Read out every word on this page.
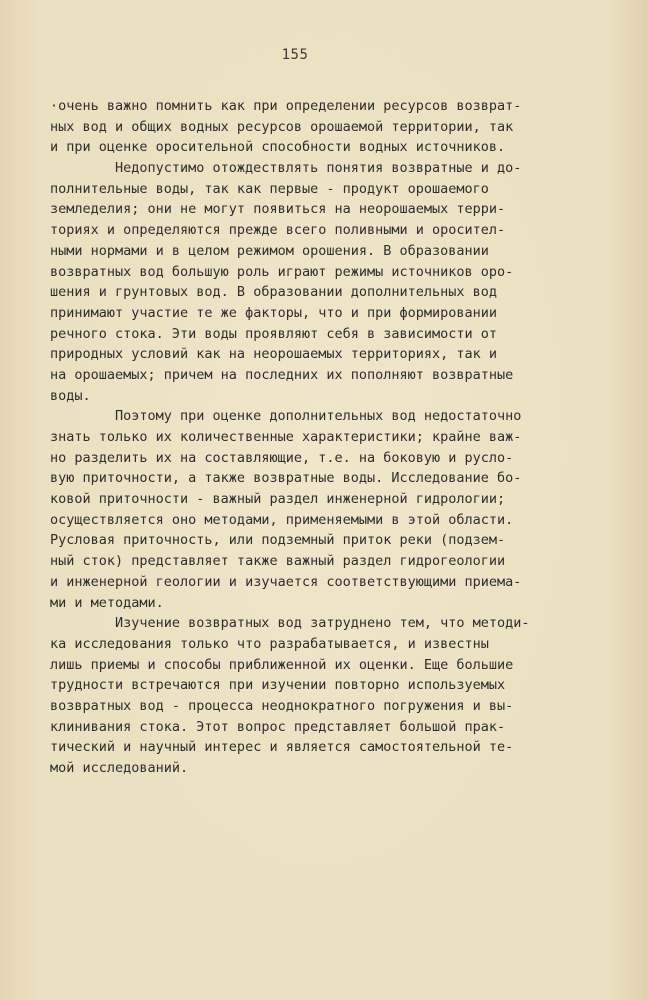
155
·очень важно помнить как при определении ресурсов возврат-
ных вод и общих водных ресурсов орошаемой территории, так
и при оценке оросительной способности водных источников.
Недопустимо отождествлять понятия возвратные и до-
полнительные воды, так как первые - продукт орошаемого
земледелия; они не могут появиться на неорошаемых терри-
ториях и определяются прежде всего поливными и оросител-
ными нормами и в целом режимом орошения. В образовании
возвратных вод большую роль играют режимы источников оро-
шения и грунтовых вод. В образовании дополнительных вод
принимают участие те же факторы, что и при формировании
речного стока. Эти воды проявляют себя в зависимости от
природных условий как на неорошаемых территориях, так и
на орошаемых; причем на последних их пополняют возвратные
воды.
Поэтому при оценке дополнительных вод недостаточно
знать только их количественные характеристики; крайне важ-
но разделить их на составляющие, т.е. на боковую и русло-
вую приточности, а также возвратные воды. Исследование бо-
ковой приточности - важный раздел инженерной гидрологии;
осуществляется оно методами, применяемыми в этой области.
Русловая приточность, или подземный приток реки (подзем-
ный сток) представляет также важный раздел гидрогеологии
и инженерной геологии и изучается соответствующими приема-
ми и методами.
Изучение возвратных вод затруднено тем, что методи-
ка исследования только что разрабатывается, и известны
лишь приемы и способы приближенной их оценки. Еще большие
трудности встречаются при изучении повторно используемых
возвратных вод - процесса неоднократного погружения и вы-
клинивания стока. Этот вопрос представляет большой прак-
тический и научный интерес и является самостоятельной те-
мой исследований.
